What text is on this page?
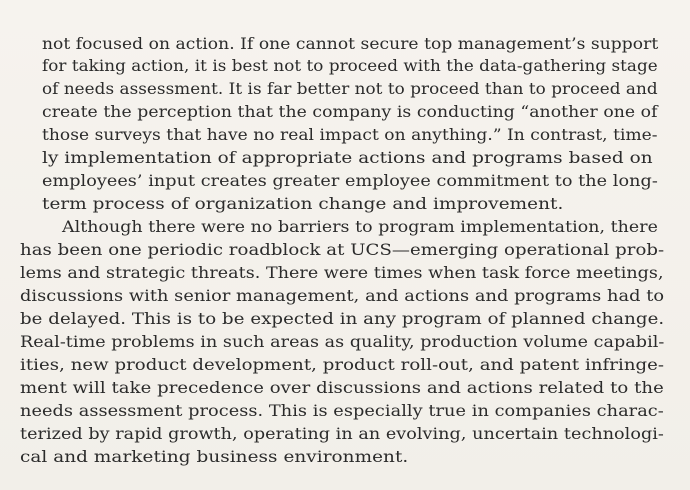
not focused on action. If one cannot secure top management’s support
for taking action, it is best not to proceed with the data-gathering stage
of needs assessment. It is far better not to proceed than to proceed and
create the perception that the company is conducting “another one of
those surveys that have no real impact on anything.” In contrast, time-
ly implementation of appropriate actions and programs based on
employees’ input creates greater employee commitment to the long-
term process of organization change and improvement.
Although there were no barriers to program implementation, there
has been one periodic roadblock at UCS—emerging operational prob-
lems and strategic threats. There were times when task force meetings,
discussions with senior management, and actions and programs had to
be delayed. This is to be expected in any program of planned change.
Real-time problems in such areas as quality, production volume capabil-
ities, new product development, product roll-out, and patent infringe-
ment will take precedence over discussions and actions related to the
needs assessment process. This is especially true in companies charac-
terized by rapid growth, operating in an evolving, uncertain technologi-
cal and marketing business environment.
